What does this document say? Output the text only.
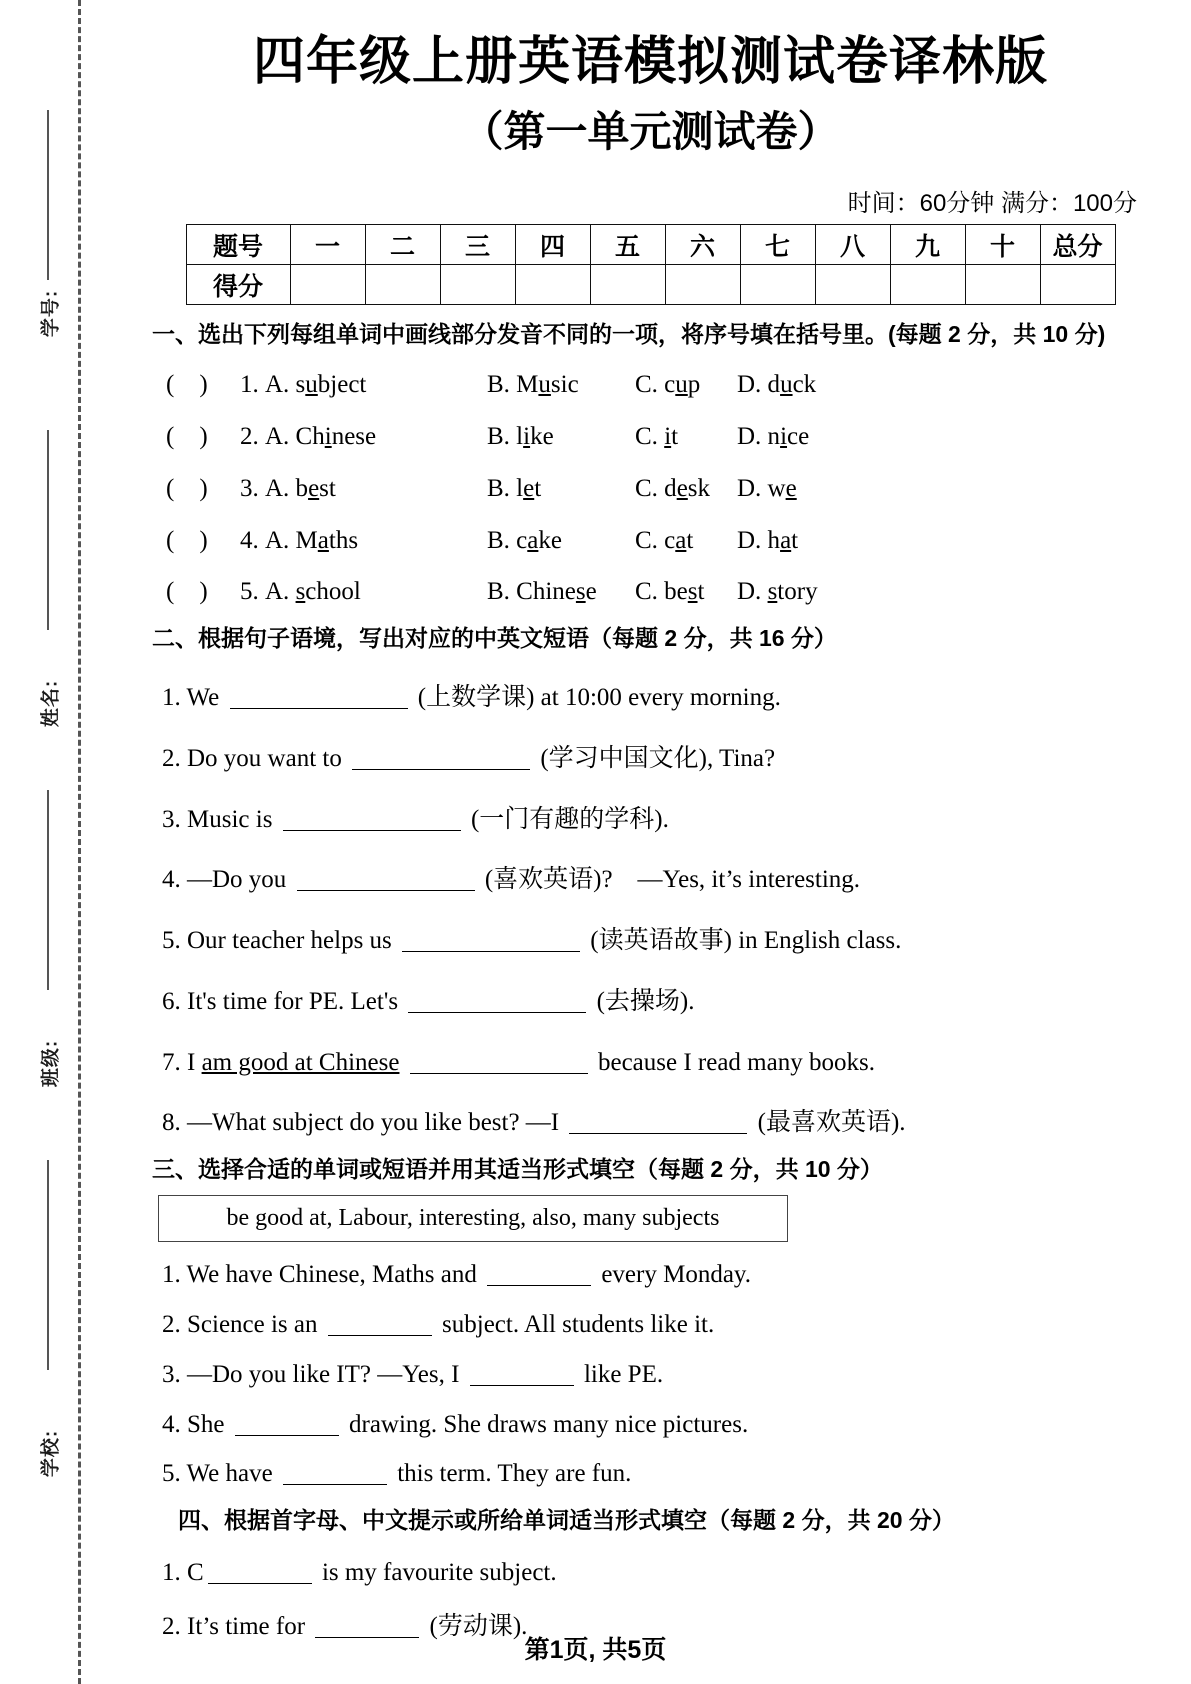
学号:
姓名:
班级:
学校:
四年级上册英语模拟测试卷译林版
（第一单元测试卷）
时间：60分钟 满分：100分
题号	一	二	三	四	五	六	七	八	九	十	总分
得分											
一、选出下列每组单词中画线部分发音不同的一项，将序号填在括号里。(每题 2 分，共 10 分)
(    ) 1. A. subject	B. Music C. cup D. duck
(    ) 2. A. Chinese	B. like	C. it D. nice
(    ) 3. A. best	B. let	C. desk D. we
(    ) 4. A. Maths	B. cake	C. cat D. hat
(    ) 5. A. school	B. Chinese C. best D. story
二、根据句子语境，写出对应的中英文短语（每题 2 分，共 16 分）
1. We	(上数学课) at 10:00 every morning.
2. Do you want to	(学习中国文化), Tina?
3. Music is	(一门有趣的学科).
4. —Do you	(喜欢英语)?    —Yes, it’s interesting.
5. Our teacher helps us	(读英语故事) in English class.
6. It's time for PE. Let's	(去操场).
7. I am good at Chinese	because I read many books.
8. —What subject do you like best? —I	(最喜欢英语).
三、选择合适的单词或短语并用其适当形式填空（每题 2 分，共 10 分）
be good at, Labour, interesting, also, many subjects
1. We have Chinese, Maths and	every Monday.
2. Science is an	subject. All students like it.
3. —Do you like IT? —Yes, I	like PE.
4. She	drawing. She draws many nice pictures.
5. We have	this term. They are fun.
四、根据首字母、中文提示或所给单词适当形式填空（每题 2 分，共 20 分）
1. C	is my favourite subject.
2. It’s time for	(劳动课).
第1页, 共5页
